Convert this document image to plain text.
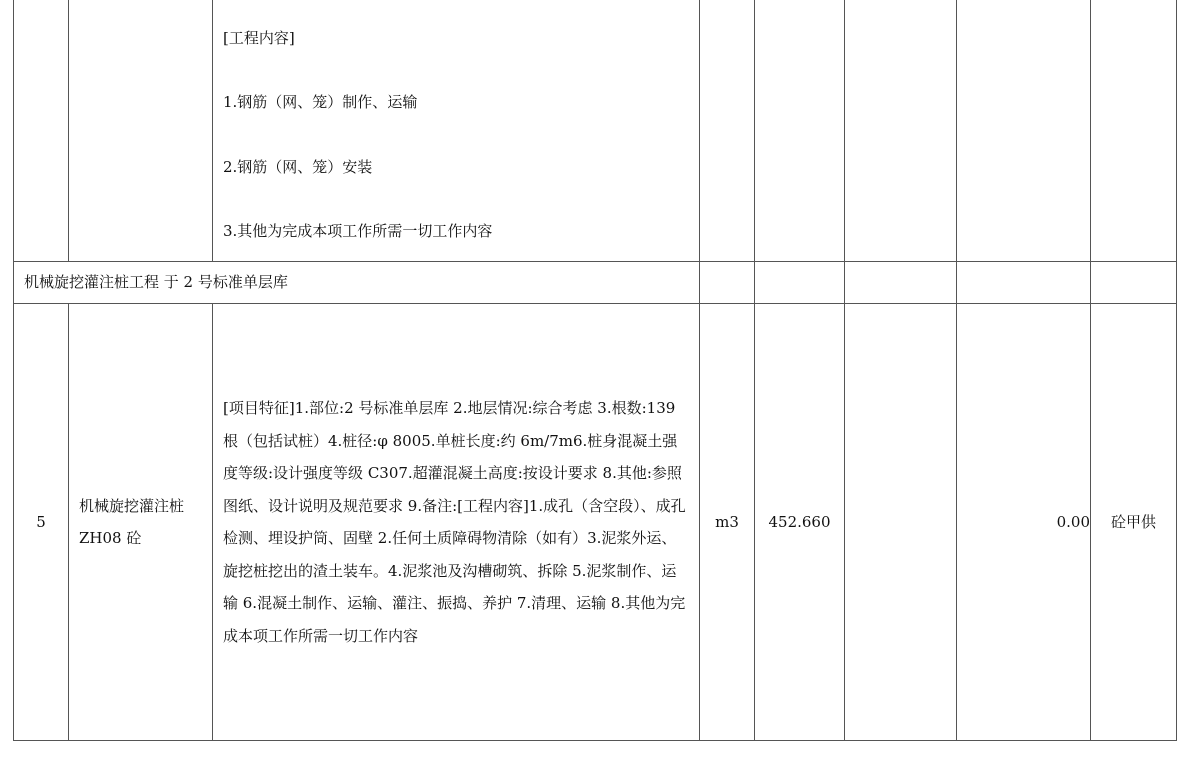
		[工程内容]
1.钢筋（网、笼）制作、运输
2.钢筋（网、笼）安装
3.其他为完成本项工作所需一切工作内容					

机械旋挖灌注桩工程 于 2 号标准单层库							

5	机械旋挖灌注桩 ZH08 砼	[项目特征]1.部位:2 号标准单层库 2.地层情况:综合考虑 3.根数:139 根（包括试桩）4.桩径:φ 8005.单桩长度:约 6m/7m6.桩身混凝土强度等级:设计强度等级 C307.超灌混凝土高度:按设计要求 8.其他:参照图纸、设计说明及规范要求 9.备注:[工程内容]1.成孔（含空段）、成孔检测、埋设护筒、固壁 2.任何土质障碍物清除（如有）3.泥浆外运、旋挖桩挖出的渣土装车。4.泥浆池及沟槽砌筑、拆除 5.泥浆制作、运输 6.混凝土制作、运输、灌注、振捣、养护 7.清理、运输 8.其他为完成本项工作所需一切工作内容	m3	452.660		0.00	砼甲供
